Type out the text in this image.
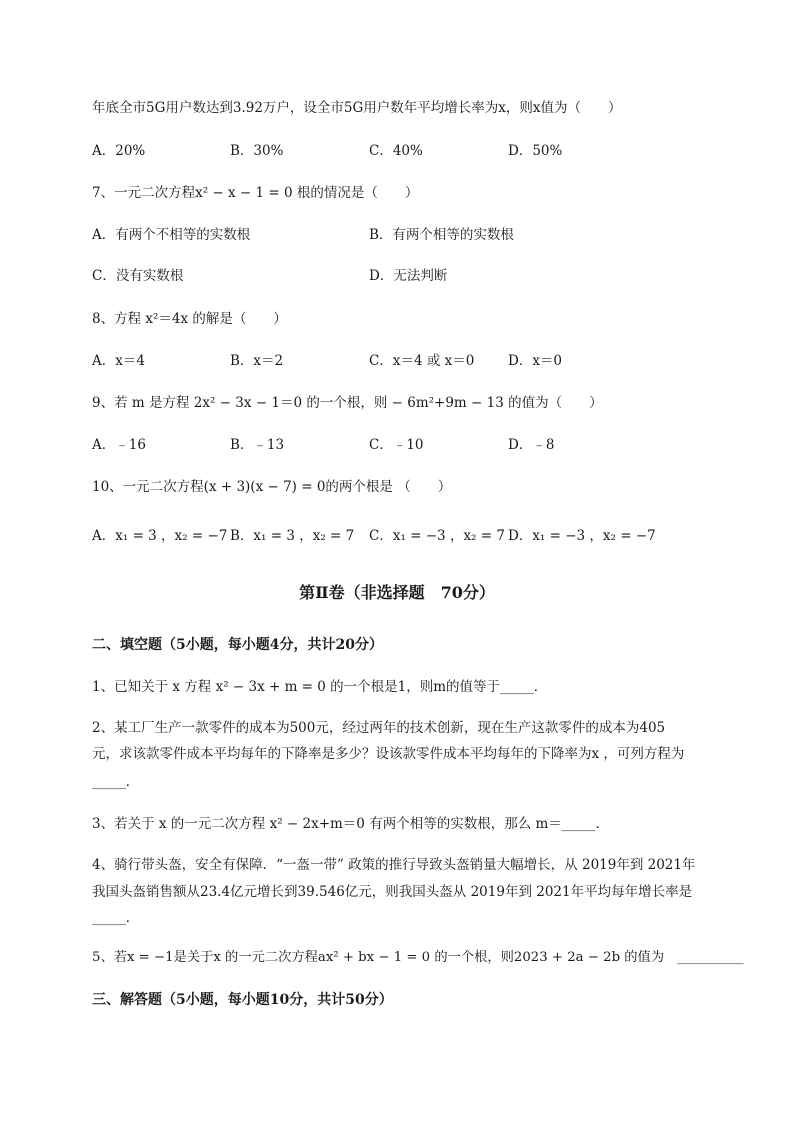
年底全市5G用户数达到3.92万户，设全市5G用户数年平均增长率为x，则x值为（　　）
A．20%	B．30%	C．40%	D．50%
7、一元二次方程x² − x − 1 = 0 根的情况是（　　）
A．有两个不相等的实数根	B．有两个相等的实数根
C．没有实数根	D．无法判断
8、方程 x²＝4x 的解是（　　）
A．x＝4	B．x＝2	C．x＝4 或 x＝0 D．x＝0
9、若 m 是方程 2x² − 3x − 1＝0 的一个根，则 − 6m²+9m − 13 的值为（　　）
A．﹣16	B．﹣13	C．﹣10	D．﹣8
10、一元二次方程(x + 3)(x − 7) = 0的两个根是 （　　）
A．x₁ = 3 ，x₂ = −7 B．x₁ = 3 ，x₂ = 7 C．x₁ = −3 ，x₂ = 7 D．x₁ = −3 ，x₂ = −7
第Ⅱ卷（非选择题　70分）
二、填空题（5小题，每小题4分，共计20分）
1、已知关于 x 方程 x² − 3x + m = 0 的一个根是1，则m的值等于_____．
2、某工厂生产一款零件的成本为500元，经过两年的技术创新，现在生产这款零件的成本为405
元，求该款零件成本平均每年的下降率是多少？设该款零件成本平均每年的下降率为x ，可列方程为
_____．
3、若关于 x 的一元二次方程 x² − 2x+m＝0 有两个相等的实数根，那么 m＝_____．
4、骑行带头盔，安全有保障．“一盔一带” 政策的推行导致头盔销量大幅增长，从 2019年到 2021年
我国头盔销售额从23.4亿元增长到39.546亿元，则我国头盔从 2019年到 2021年平均每年增长率是
_____．
5、若x = −1是关于x 的一元二次方程ax² + bx − 1 = 0 的一个根，则2023 + 2a − 2b 的值为　__________
三、解答题（5小题，每小题10分，共计50分）
